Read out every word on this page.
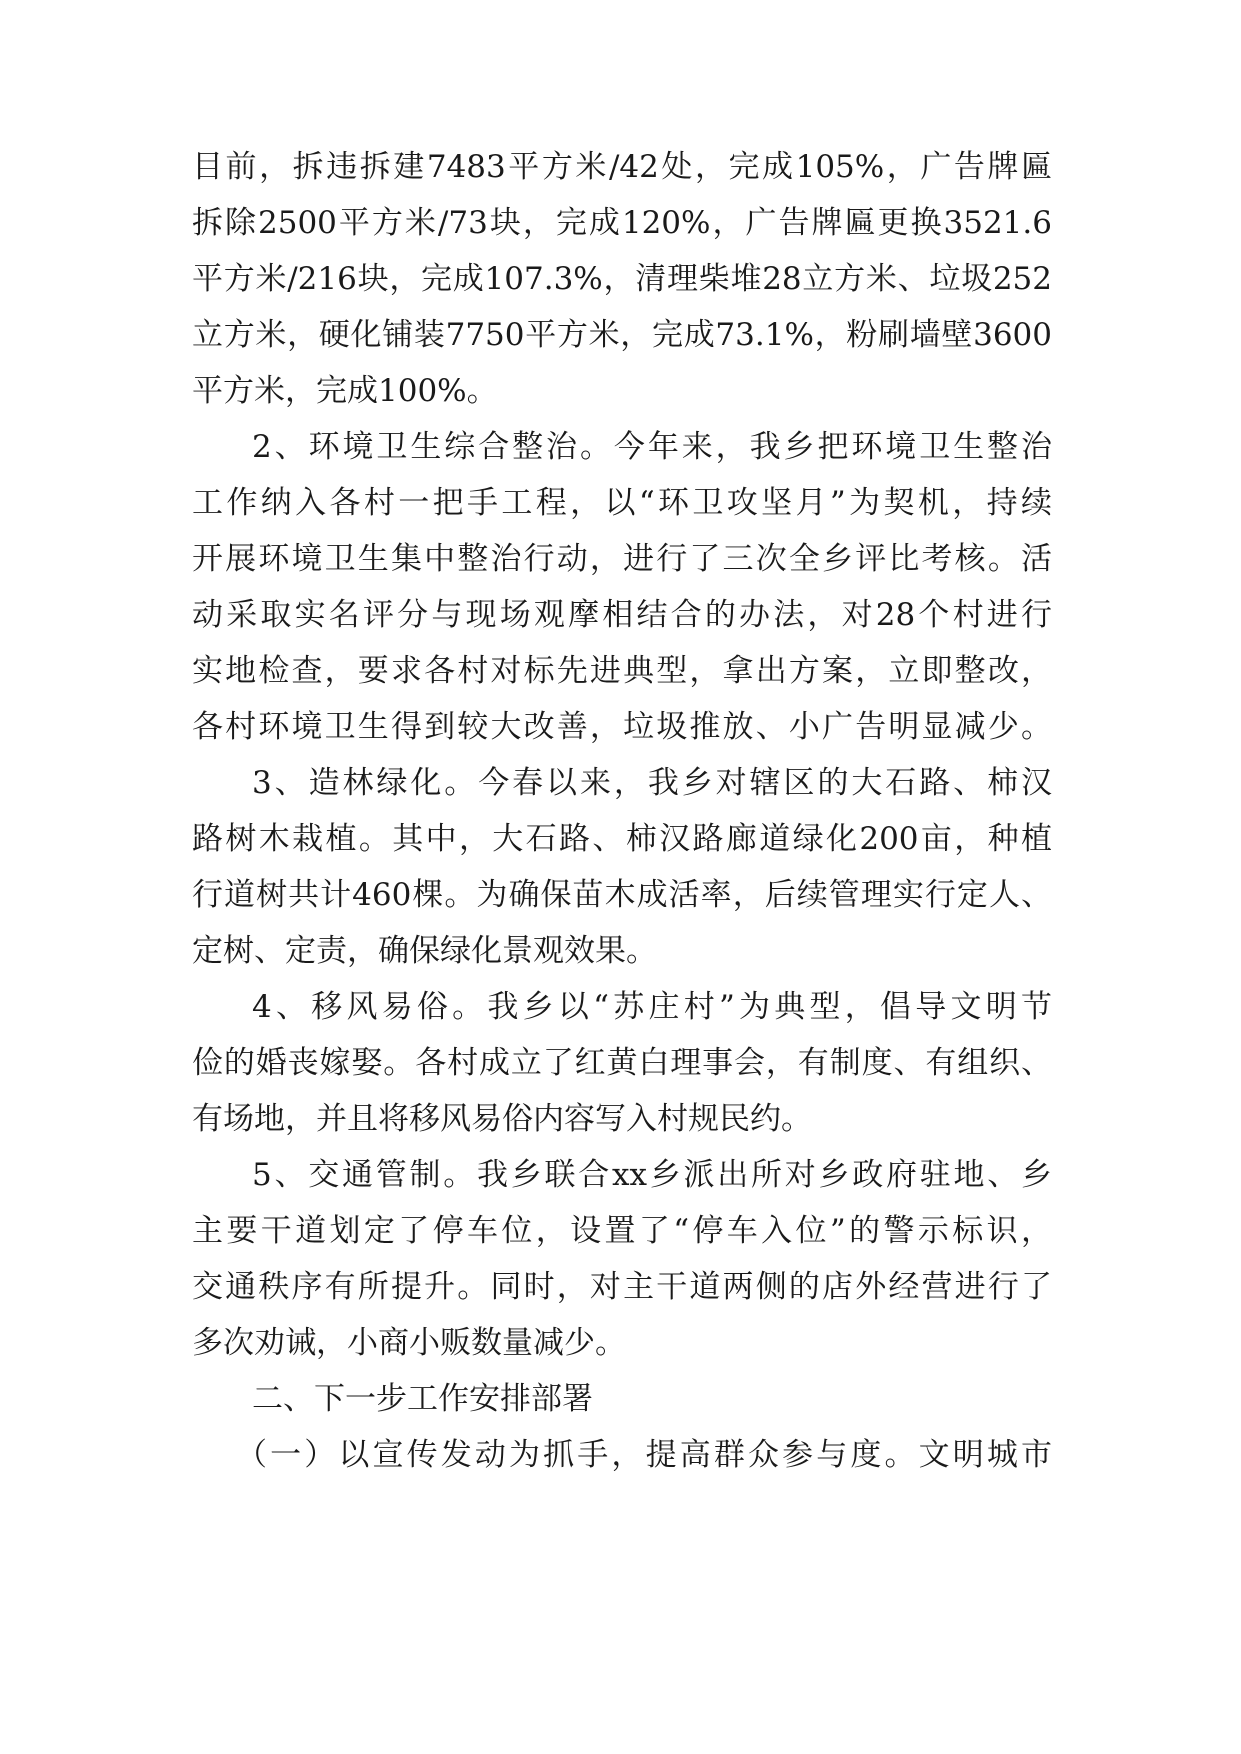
目前，拆违拆建7483平方米/42处，完成105%，广告牌匾
拆除2500平方米/73块，完成120%，广告牌匾更换3521.6
平方米/216块，完成107.3%，清理柴堆28立方米、垃圾252
立方米，硬化铺装7750平方米，完成73.1%，粉刷墙壁3600
平方米，完成100%。
2、环境卫生综合整治。今年来，我乡把环境卫生整治
工作纳入各村一把手工程，以“环卫攻坚月”为契机，持续
开展环境卫生集中整治行动，进行了三次全乡评比考核。活
动采取实名评分与现场观摩相结合的办法，对28个村进行
实地检查，要求各村对标先进典型，拿出方案，立即整改，
各村环境卫生得到较大改善，垃圾推放、小广告明显减少。
3、造林绿化。今春以来，我乡对辖区的大石路、柿汉
路树木栽植。其中，大石路、柿汉路廊道绿化200亩，种植
行道树共计460棵。为确保苗木成活率，后续管理实行定人、
定树、定责，确保绿化景观效果。
4、移风易俗。我乡以“苏庄村”为典型，倡导文明节
俭的婚丧嫁娶。各村成立了红黄白理事会，有制度、有组织、
有场地，并且将移风易俗内容写入村规民约。
5、交通管制。我乡联合xx乡派出所对乡政府驻地、乡
主要干道划定了停车位，设置了“停车入位”的警示标识，
交通秩序有所提升。同时，对主干道两侧的店外经营进行了
多次劝诫，小商小贩数量减少。
二、下一步工作安排部署
（一）以宣传发动为抓手，提高群众参与度。文明城市
